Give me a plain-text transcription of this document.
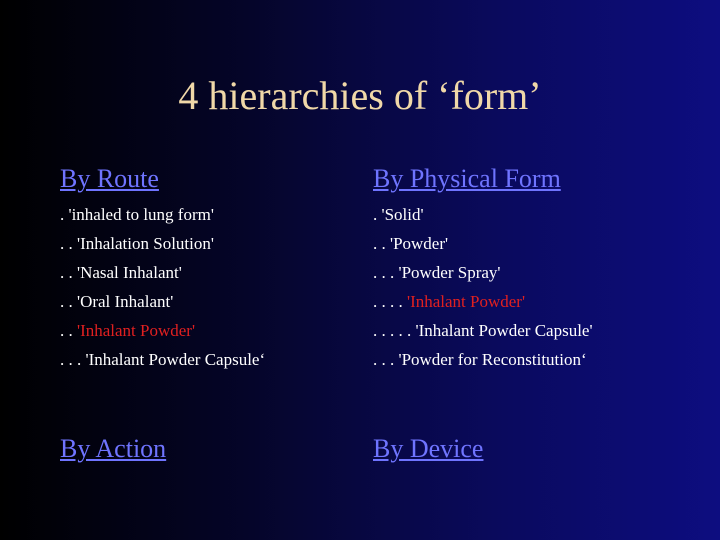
4 hierarchies of ‘form’
By Route
. 'inhaled to lung form'
. . 'Inhalation Solution'
. . 'Nasal Inhalant'
. . 'Oral Inhalant'
. . 'Inhalant Powder'
. . . 'Inhalant Powder Capsule‘
By Physical Form
. 'Solid'
. . 'Powder'
. . . 'Powder Spray'
. . . . 'Inhalant Powder'
. . . . . 'Inhalant Powder Capsule'
. . . 'Powder for Reconstitution‘
By Action	By Device
